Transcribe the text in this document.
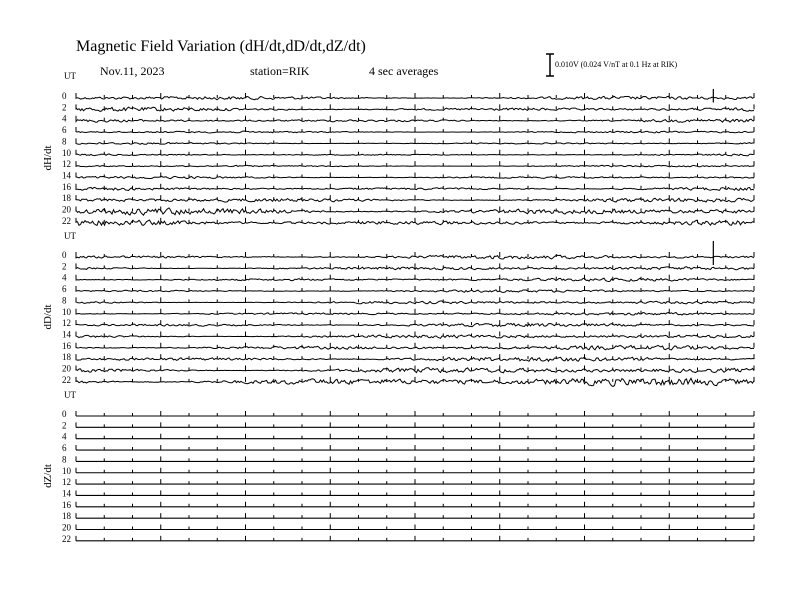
Magnetic Field Variation (dH/dt,dD/dt,dZ/dt)
Nov.11, 2023	station=RIK	4 sec averages	0.010V (0.024 V/nT at 0.1 Hz at RIK)
UT
dH/dt
0
2
4
6
8
10
12
14
16
18
20
22
UT
dD/dt
0
2
4
6
8
10
12
14
16
18
20
22
UT
dZ/dt
0
2
4
6
8
10
12
14
16
18
20
22
